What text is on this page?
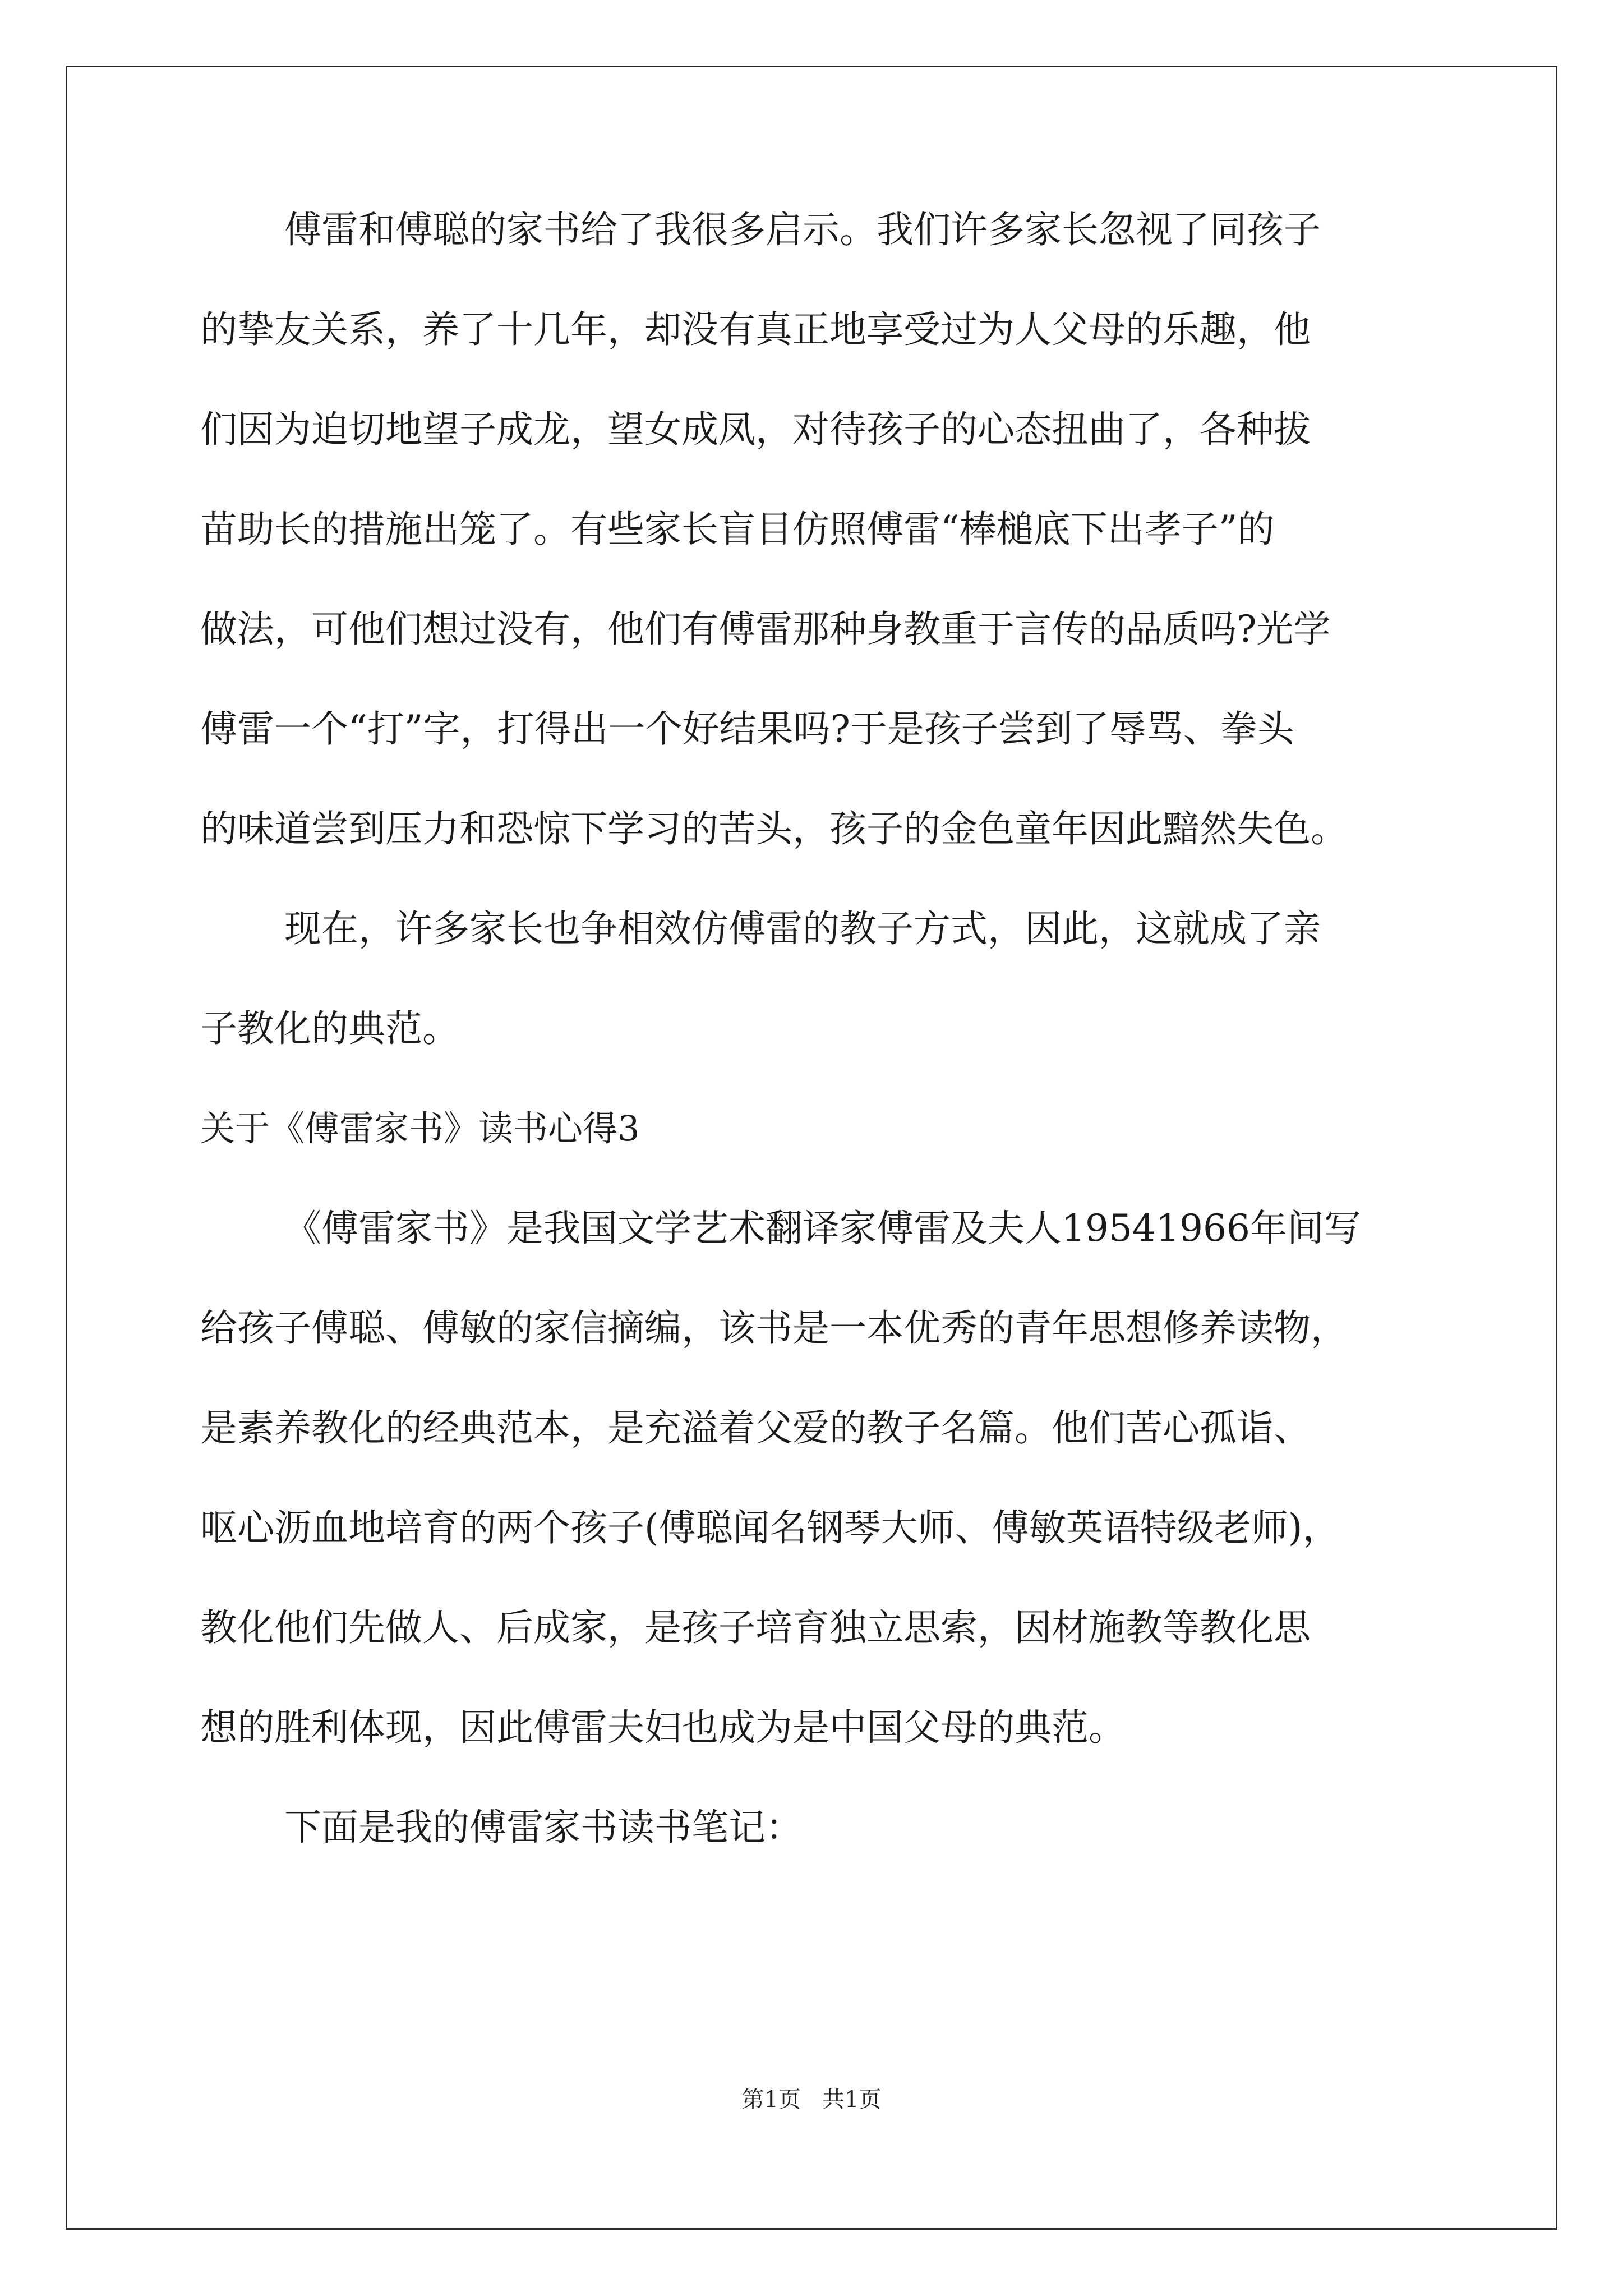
傅雷和傅聪的家书给了我很多启示。我们许多家长忽视了同孩子
的挚友关系，养了十几年，却没有真正地享受过为人父母的乐趣，他
们因为迫切地望子成龙，望女成凤，对待孩子的心态扭曲了，各种拔
苗助长的措施出笼了。有些家长盲目仿照傅雷“棒槌底下出孝子”的
做法，可他们想过没有，他们有傅雷那种身教重于言传的品质吗?光学
傅雷一个“打”字，打得出一个好结果吗?于是孩子尝到了辱骂、拳头
的味道尝到压力和恐惊下学习的苦头，孩子的金色童年因此黯然失色。
现在，许多家长也争相效仿傅雷的教子方式，因此，这就成了亲
子教化的典范。
关于《傅雷家书》读书心得3
《傅雷家书》是我国文学艺术翻译家傅雷及夫人19541966年间写
给孩子傅聪、傅敏的家信摘编，该书是一本优秀的青年思想修养读物，
是素养教化的经典范本，是充溢着父爱的教子名篇。他们苦心孤诣、
呕心沥血地培育的两个孩子(傅聪闻名钢琴大师、傅敏英语特级老师)，
教化他们先做人、后成家，是孩子培育独立思索，因材施教等教化思
想的胜利体现，因此傅雷夫妇也成为是中国父母的典范。
下面是我的傅雷家书读书笔记：
第1页   共1页
